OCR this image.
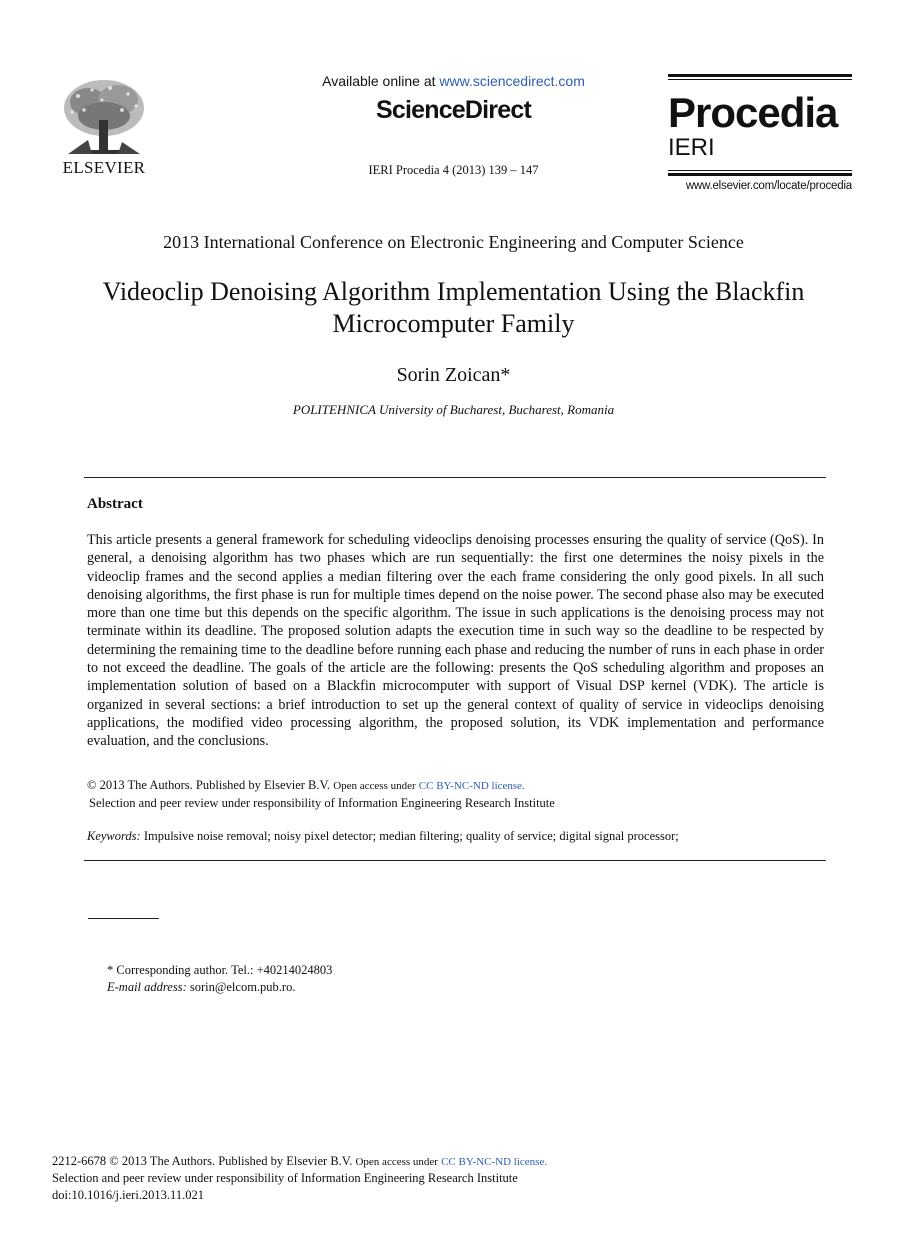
ELSEVIER
Available online at www.sciencedirect.com
ScienceDirect
IERI Procedia 4 (2013) 139 – 147
Procedia
IERI
www.elsevier.com/locate/procedia
2013 International Conference on Electronic Engineering and Computer Science
Videoclip Denoising Algorithm Implementation Using the Blackfin Microcomputer Family
Sorin Zoican*
POLITEHNICA University of Bucharest, Bucharest, Romania
Abstract
This article presents a general framework for scheduling videoclips denoising processes ensuring the quality of service (QoS). In general, a denoising algorithm has two phases which are run sequentially: the first one determines the noisy pixels in the videoclip frames and the second applies a median filtering over the each frame considering the only good pixels. In all such denoising algorithms, the first phase is run for multiple times depend on the noise power. The second phase also may be executed more than one time but this depends on the specific algorithm. The issue in such applications is the denoising process may not terminate within its deadline. The proposed solution adapts the execution time in such way so the deadline to be respected by determining the remaining time to the deadline before running each phase and reducing the number of runs in each phase in order to not exceed the deadline. The goals of the article are the following: presents the QoS scheduling algorithm and proposes an implementation solution of based on a Blackfin microcomputer with support of Visual DSP kernel (VDK). The article is organized in several sections: a brief introduction to set up the general context of quality of service in videoclips denoising applications, the modified video processing algorithm, the proposed solution, its VDK implementation and performance evaluation, and the conclusions.
© 2013 The Authors. Published by Elsevier B.V. Open access under CC BY-NC-ND license.
Selection and peer review under responsibility of Information Engineering Research Institute
Keywords: Impulsive noise removal; noisy pixel detector; median filtering; quality of service; digital signal processor;
* Corresponding author. Tel.: +40214024803
E-mail address: sorin@elcom.pub.ro.
2212-6678 © 2013 The Authors. Published by Elsevier B.V. Open access under CC BY-NC-ND license.
Selection and peer review under responsibility of Information Engineering Research Institute
doi:10.1016/j.ieri.2013.11.021
